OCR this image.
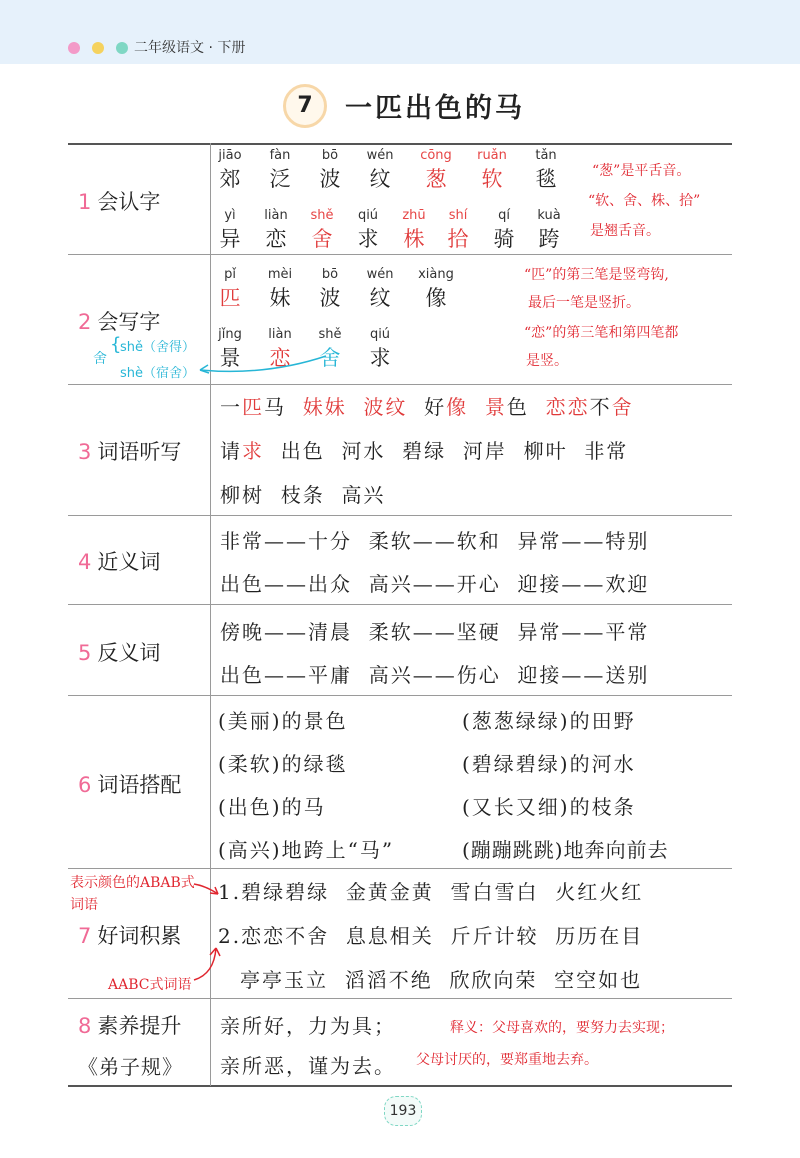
二年级语文 · 下册
7	一匹出色的马
1 会认字
2 会写字
3 词语听写
4 近义词
5 反义词
6 词语搭配
7 好词积累
8 素养提升
《弟子规》
jiāo
郊
fàn
泛
bō
波
wén
纹
cōng
葱
ruǎn
软
tǎn
毯
yì
异
liàn
恋
shě
舍
qiú
求
zhū
株
shí
拾
qí
骑
kuà
跨
“葱”是平舌音。
“软、舍、株、拾”
是翘舌音。
pǐ
匹
mèi
妹
bō
波
wén
纹
xiàng
像
jǐng
景
liàn
恋
shě
舍
qiú
求
“匹”的第三笔是竖弯钩,
最后一笔是竖折。
“恋”的第三笔和第四笔都
是竖。
舍
{
shě（舍得）
shè（宿舍）
一匹马 妹妹 波纹 好像 景色 恋恋不舍
请求 出色 河水 碧绿 河岸 柳叶 非常
柳树 枝条 高兴
非常——十分 柔软——软和 异常——特别
出色——出众 高兴——开心 迎接——欢迎
傍晚——清晨 柔软——坚硬 异常——平常
出色——平庸 高兴——伤心 迎接——送别
(美丽)的景色
(柔软)的绿毯
(出色)的马
(高兴)地跨上“马”
(葱葱绿绿)的田野
(碧绿碧绿)的河水
(又长又细)的枝条
(蹦蹦跳跳)地奔向前去
表示颜色的ABAB式
词语
1.碧绿碧绿 金黄金黄 雪白雪白 火红火红
2.恋恋不舍 息息相关 斤斤计较 历历在目
亭亭玉立 滔滔不绝 欣欣向荣 空空如也
AABC式词语
亲所好，力为具；
亲所恶，谨为去。
释义：父母喜欢的，要努力去实现；
父母讨厌的，要郑重地去弃。
193
